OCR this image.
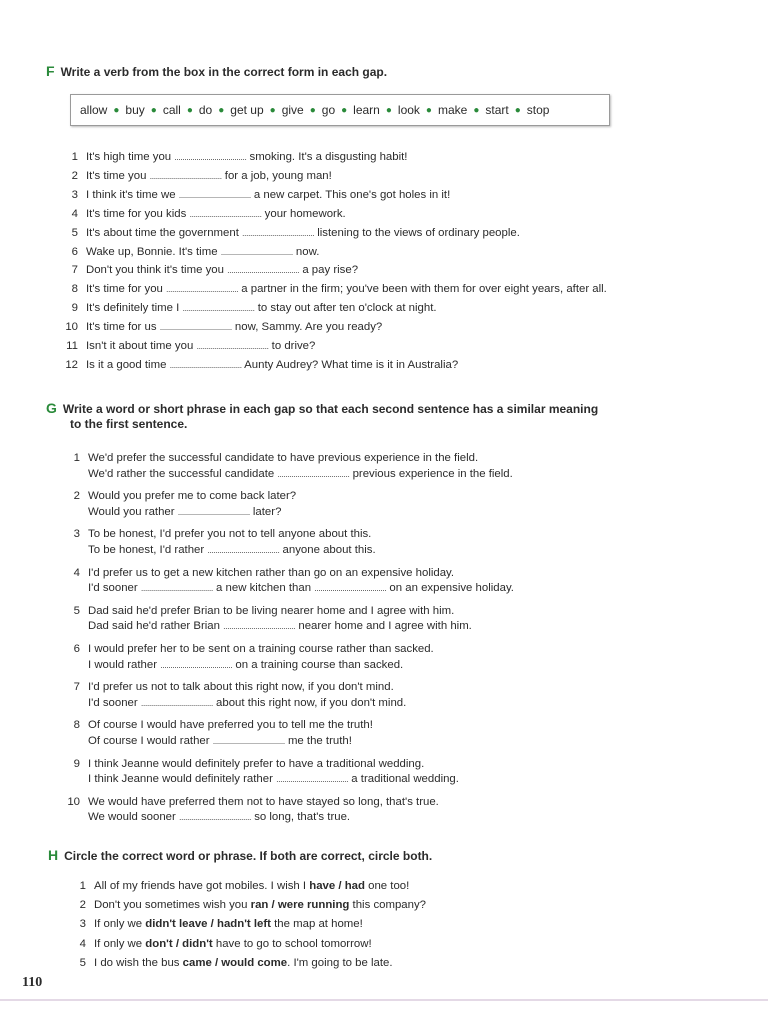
F Write a verb from the box in the correct form in each gap.
allow ● buy ● call ● do ● get up ● give ● go ● learn ● look ● make ● start ● stop
1 It's high time you .................................... smoking. It's a disgusting habit!
2 It's time you .................................... for a job, young man!
3 I think it's time we .................................... a new carpet. This one's got holes in it!
4 It's time for you kids .................................... your homework.
5 It's about time the government .................................... listening to the views of ordinary people.
6 Wake up, Bonnie. It's time .................................... now.
7 Don't you think it's time you .................................... a pay rise?
8 It's time for you .................................... a partner in the firm; you've been with them for over eight years, after all.
9 It's definitely time I .................................... to stay out after ten o'clock at night.
10 It's time for us .................................... now, Sammy. Are you ready?
11 Isn't it about time you .................................... to drive?
12 Is it a good time .................................... Aunty Audrey? What time is it in Australia?
G Write a word or short phrase in each gap so that each second sentence has a similar meaning
to the first sentence.
1 We'd prefer the successful candidate to have previous experience in the field.
We'd rather the successful candidate .................................... previous experience in the field.
2 Would you prefer me to come back later?
Would you rather .................................... later?
3 To be honest, I'd prefer you not to tell anyone about this.
To be honest, I'd rather .................................... anyone about this.
4 I'd prefer us to get a new kitchen rather than go on an expensive holiday.
I'd sooner .................................... a new kitchen than .................................... on an expensive holiday.
5 Dad said he'd prefer Brian to be living nearer home and I agree with him.
Dad said he'd rather Brian .................................... nearer home and I agree with him.
6 I would prefer her to be sent on a training course rather than sacked.
I would rather .................................... on a training course than sacked.
7 I'd prefer us not to talk about this right now, if you don't mind.
I'd sooner .................................... about this right now, if you don't mind.
8 Of course I would have preferred you to tell me the truth!
Of course I would rather .................................... me the truth!
9 I think Jeanne would definitely prefer to have a traditional wedding.
I think Jeanne would definitely rather .................................... a traditional wedding.
10 We would have preferred them not to have stayed so long, that's true.
We would sooner .................................... so long, that's true.
H Circle the correct word or phrase. If both are correct, circle both.
1 All of my friends have got mobiles. I wish I have / had one too!
2 Don't you sometimes wish you ran / were running this company?
3 If only we didn't leave / hadn't left the map at home!
4 If only we don't / didn't have to go to school tomorrow!
5 I do wish the bus came / would come. I'm going to be late.
110
